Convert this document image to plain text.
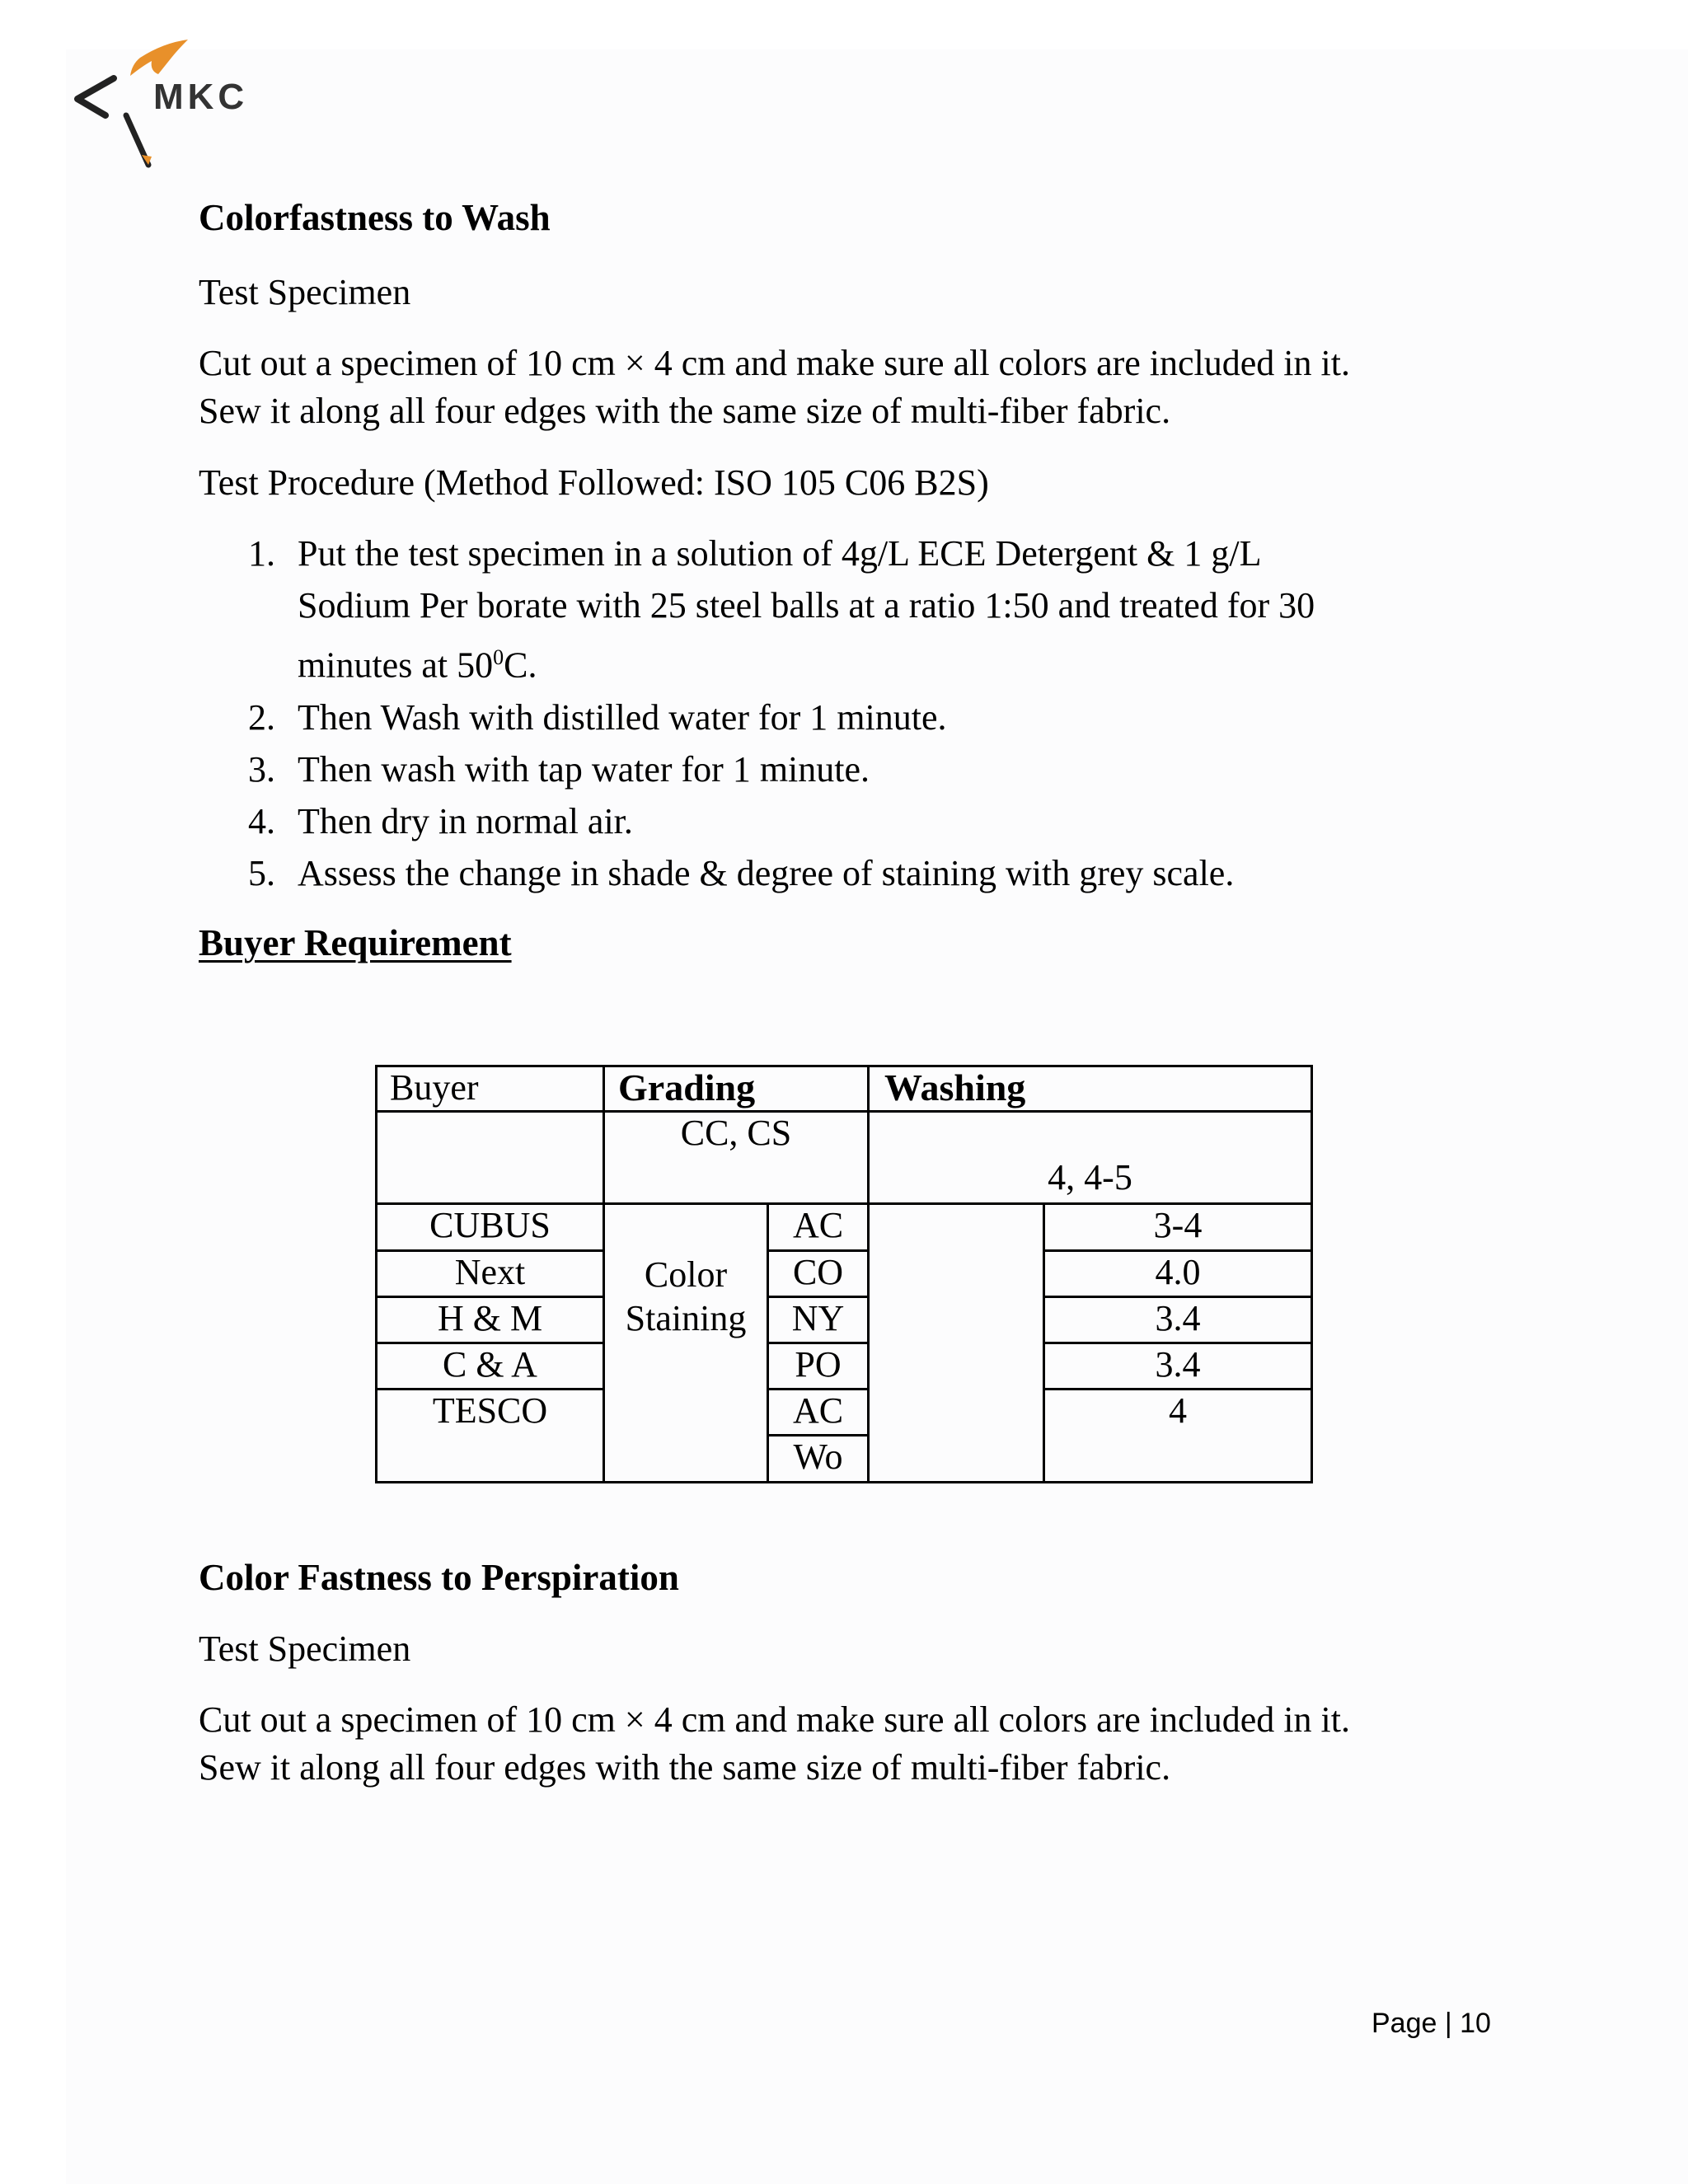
MKC
Colorfastness to Wash
Test Specimen
Cut out a specimen of 10 cm × 4 cm and make sure all colors are included in it.
Sew it along all four edges with the same size of multi-fiber fabric.
Test Procedure (Method Followed: ISO 105 C06 B2S)
1. Put the test specimen in a solution of 4g/L ECE Detergent & 1 g/L
Sodium Per borate with 25 steel balls at a ratio 1:50 and treated for 30
minutes at $50^0C$.
2. Then Wash with distilled water for 1 minute.
3. Then wash with tap water for 1 minute.
4. Then dry in normal air.
5. Assess the change in shade & degree of staining with grey scale.
Buyer Requirement
Color Fastness to Perspiration
Test Specimen
Cut out a specimen of 10 cm × 4 cm and make sure all colors are included in it.
Sew it along all four edges with the same size of multi-fiber fabric.
Buyer	Grading	Washing
CC, CS
4, 4-5
CUBUS
Next
H & M
C & A
TESCO
Color
Staining
AC
CO
NY
PO
AC
Wo
3-4
4.0
3.4
3.4
4
Page | 10
